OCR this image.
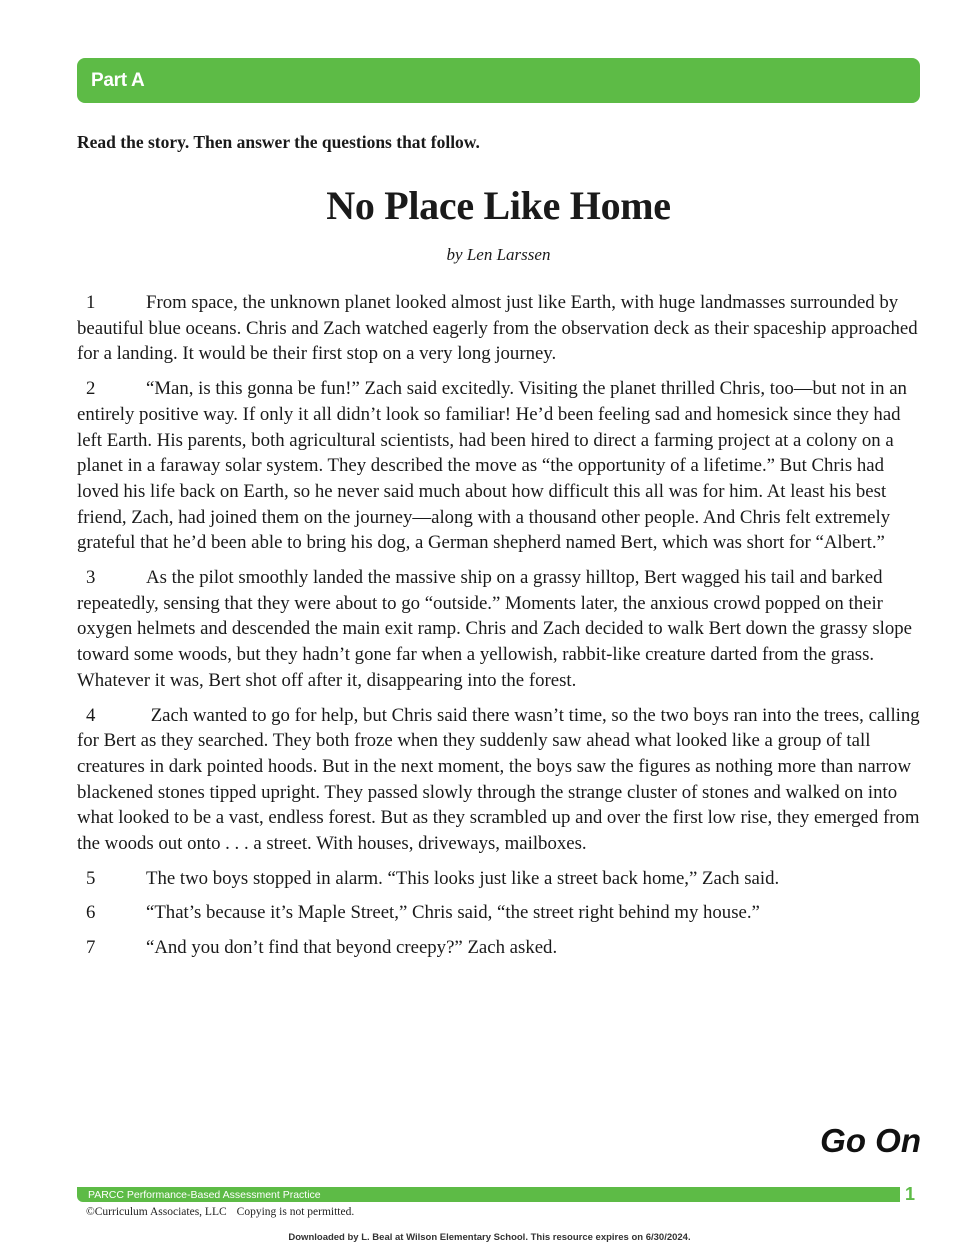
Part A
Read the story. Then answer the questions that follow.
No Place Like Home
by Len Larssen

1	From space, the unknown planet looked almost just like Earth, with huge landmasses surrounded by beautiful blue oceans. Chris and Zach watched eagerly from the observation deck as their spaceship approached for a landing. It would be their first stop on a very long journey.

2	“Man, is this gonna be fun!” Zach said excitedly. Visiting the planet thrilled Chris, too—but not in an entirely positive way. If only it all didn’t look so familiar! He’d been feeling sad and homesick since they had left Earth. His parents, both agricultural scientists, had been hired to direct a farming project at a colony on a planet in a faraway solar system. They described the move as “the opportunity of a lifetime.” But Chris had loved his life back on Earth, so he never said much about how difficult this all was for him. At least his best friend, Zach, had joined them on the journey—along with a thousand other people. And Chris felt extremely grateful that he’d been able to bring his dog, a German shepherd named Bert, which was short for “Albert.”

3	As the pilot smoothly landed the massive ship on a grassy hilltop, Bert wagged his tail and barked repeatedly, sensing that they were about to go “outside.” Moments later, the anxious crowd popped on their oxygen helmets and descended the main exit ramp. Chris and Zach decided to walk Bert down the grassy slope toward some woods, but they hadn’t gone far when a yellowish, rabbit-like creature darted from the grass. Whatever it was, Bert shot off after it, disappearing into the forest.

4	Zach wanted to go for help, but Chris said there wasn’t time, so the two boys ran into the trees, calling for Bert as they searched. They both froze when they suddenly saw ahead what looked like a group of tall creatures in dark pointed hoods. But in the next moment, the boys saw the figures as nothing more than narrow blackened stones tipped upright. They passed slowly through the strange cluster of stones and walked on into what looked to be a vast, endless forest. But as they scrambled up and over the first low rise, they emerged from the woods out onto . . . a street. With houses, driveways, mailboxes.

5	The two boys stopped in alarm. “This looks just like a street back home,” Zach said.

6	“That’s because it’s Maple Street,” Chris said, “the street right behind my house.”

7	“And you don’t find that beyond creepy?” Zach asked.

Go On
PARCC Performance-Based Assessment Practice	1
©Curriculum Associates, LLC Copying is not permitted.
Downloaded by L. Beal at Wilson Elementary School. This resource expires on 6/30/2024.
